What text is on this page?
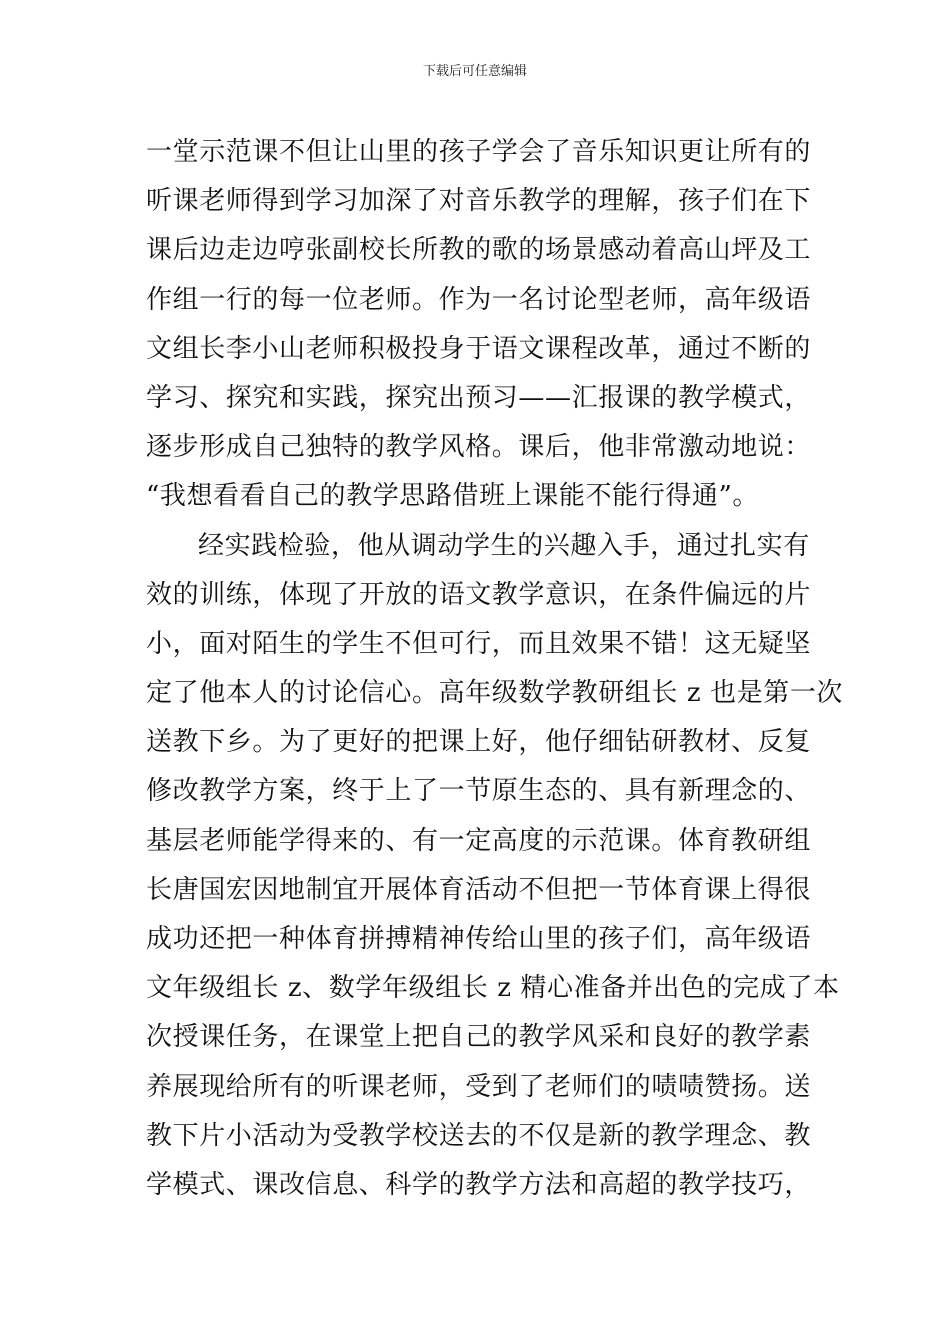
下载后可任意编辑
一堂示范课不但让山里的孩子学会了音乐知识更让所有的
听课老师得到学习加深了对音乐教学的理解，孩子们在下
课后边走边哼张副校长所教的歌的场景感动着高山坪及工
作组一行的每一位老师。作为一名讨论型老师，高年级语
文组长李小山老师积极投身于语文课程改革，通过不断的
学习、探究和实践，探究出预习——汇报课的教学模式，
逐步形成自己独特的教学风格。课后，他非常激动地说：
“我想看看自己的教学思路借班上课能不能行得通”。
经实践检验，他从调动学生的兴趣入手，通过扎实有
效的训练，体现了开放的语文教学意识，在条件偏远的片
小，面对陌生的学生不但可行，而且效果不错！这无疑坚
定了他本人的讨论信心。高年级数学教研组长 z 也是第一次
送教下乡。为了更好的把课上好，他仔细钻研教材、反复
修改教学方案，终于上了一节原生态的、具有新理念的、
基层老师能学得来的、有一定高度的示范课。体育教研组
长唐国宏因地制宜开展体育活动不但把一节体育课上得很
成功还把一种体育拼搏精神传给山里的孩子们，高年级语
文年级组长 z、数学年级组长 z 精心准备并出色的完成了本
次授课任务，在课堂上把自己的教学风采和良好的教学素
养展现给所有的听课老师，受到了老师们的啧啧赞扬。送
教下片小活动为受教学校送去的不仅是新的教学理念、教
学模式、课改信息、科学的教学方法和高超的教学技巧，
